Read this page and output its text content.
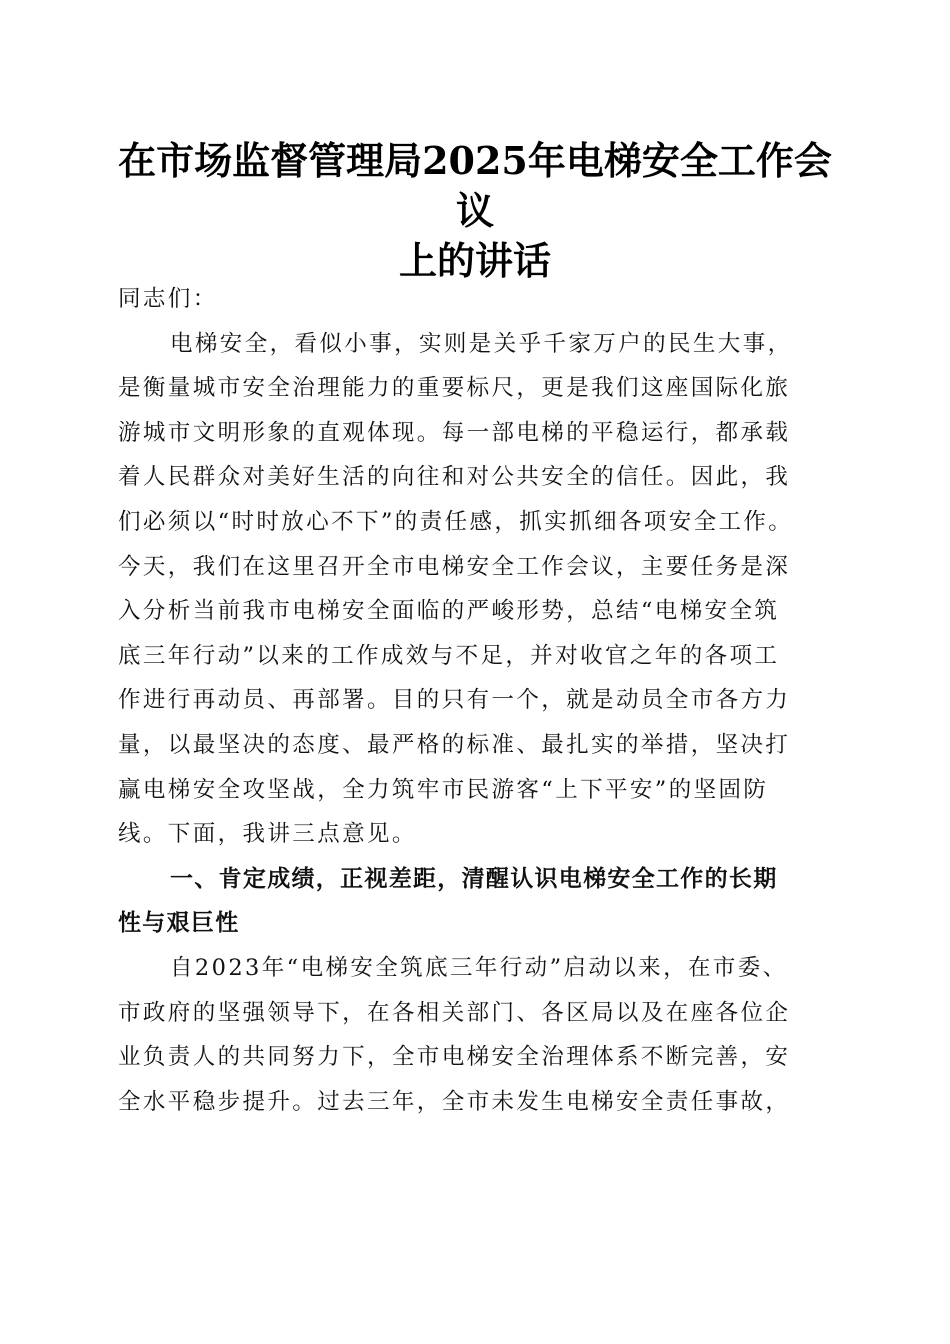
在市场监督管理局2025年电梯安全工作会议
上的讲话
同志们：
电梯安全，看似小事，实则是关乎千家万户的民生大事，
是衡量城市安全治理能力的重要标尺，更是我们这座国际化旅
游城市文明形象的直观体现。每一部电梯的平稳运行，都承载
着人民群众对美好生活的向往和对公共安全的信任。因此，我
们必须以“时时放心不下”的责任感，抓实抓细各项安全工作。
今天，我们在这里召开全市电梯安全工作会议，主要任务是深
入分析当前我市电梯安全面临的严峻形势，总结“电梯安全筑
底三年行动”以来的工作成效与不足，并对收官之年的各项工
作进行再动员、再部署。目的只有一个，就是动员全市各方力
量，以最坚决的态度、最严格的标准、最扎实的举措，坚决打
赢电梯安全攻坚战，全力筑牢市民游客“上下平安”的坚固防
线。下面，我讲三点意见。
一、肯定成绩，正视差距，清醒认识电梯安全工作的长期
性与艰巨性
自2023年“电梯安全筑底三年行动”启动以来，在市委、
市政府的坚强领导下，在各相关部门、各区局以及在座各位企
业负责人的共同努力下，全市电梯安全治理体系不断完善，安
全水平稳步提升。过去三年，全市未发生电梯安全责任事故，
